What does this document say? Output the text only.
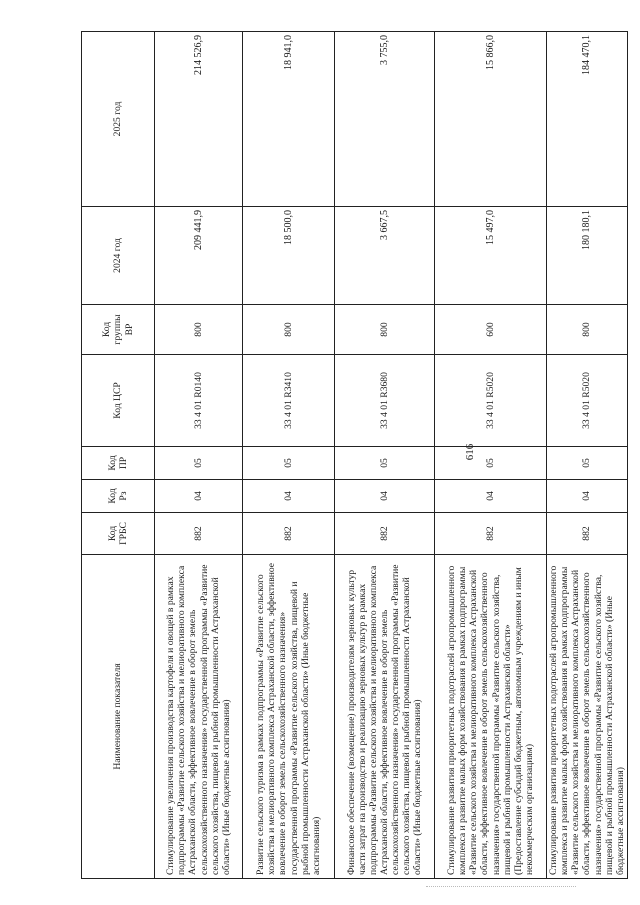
616
Наименование показателя	Код ГРБС	Код Рз	Код ПР	Код ЦСР	Код группы ВР	2024 год	2025 год
Стимулирование увеличения производства картофеля и овощей в рамках подпрограммы «Развитие сельского хозяйства и мелиоративного комплекса Астраханской области, эффективное вовлечение в оборот земель сельскохозяйственного назначения» государственной программы «Развитие сельского хозяйства, пищевой и рыбной промышленности Астраханской области» (Иные бюджетные ассигнования)	882	04	05	33 4 01 R0140	800	209 441,9	214 526,9
Развитие сельского туризма в рамках подпрограммы «Развитие сельского хозяйства и мелиоративного комплекса Астраханской области, эффективное вовлечение в оборот земель сельскохозяйственного назначения» государственной программы «Развитие сельского хозяйства, пищевой и рыбной промышленности Астраханской области» (Иные бюджетные ассигнования)	882	04	05	33 4 01 R3410	800	18 500,0	18 941,0
Финансовое обеспечение (возмещение) производителям зерновых культур части затрат на производство и реализацию зерновых культур в рамках подпрограммы «Развитие сельского хозяйства и мелиоративного комплекса Астраханской области, эффективное вовлечение в оборот земель сельскохозяйственного назначения» государственной программы «Развитие сельского хозяйства, пищевой и рыбной промышленности Астраханской области» (Иные бюджетные ассигнования)	882	04	05	33 4 01 R3680	800	3 667,5	3 755,0
Стимулирование развития приоритетных подотраслей агропромышленного комплекса и развитие малых форм хозяйствования в рамках подпрограммы «Развитие сельского хозяйства и мелиоративного комплекса Астраханской области, эффективное вовлечение в оборот земель сельскохозяйственного назначения» государственной программы «Развитие сельского хозяйства, пищевой и рыбной промышленности Астраханской области» (Предоставление субсидий бюджетным, автономным учреждениям и иным некоммерческим организациям)	882	04	05	33 4 01 R5020	600	15 497,0	15 866,0
Стимулирование развития приоритетных подотраслей агропромышленного комплекса и развитие малых форм хозяйствования в рамках подпрограммы «Развитие сельского хозяйства и мелиоративного комплекса Астраханской области, эффективное вовлечение в оборот земель сельскохозяйственного назначения» государственной программы «Развитие сельского хозяйства, пищевой и рыбной промышленности Астраханской области» (Иные бюджетные ассигнования)	882	04	05	33 4 01 R5020	800	180 180,1	184 470,1
